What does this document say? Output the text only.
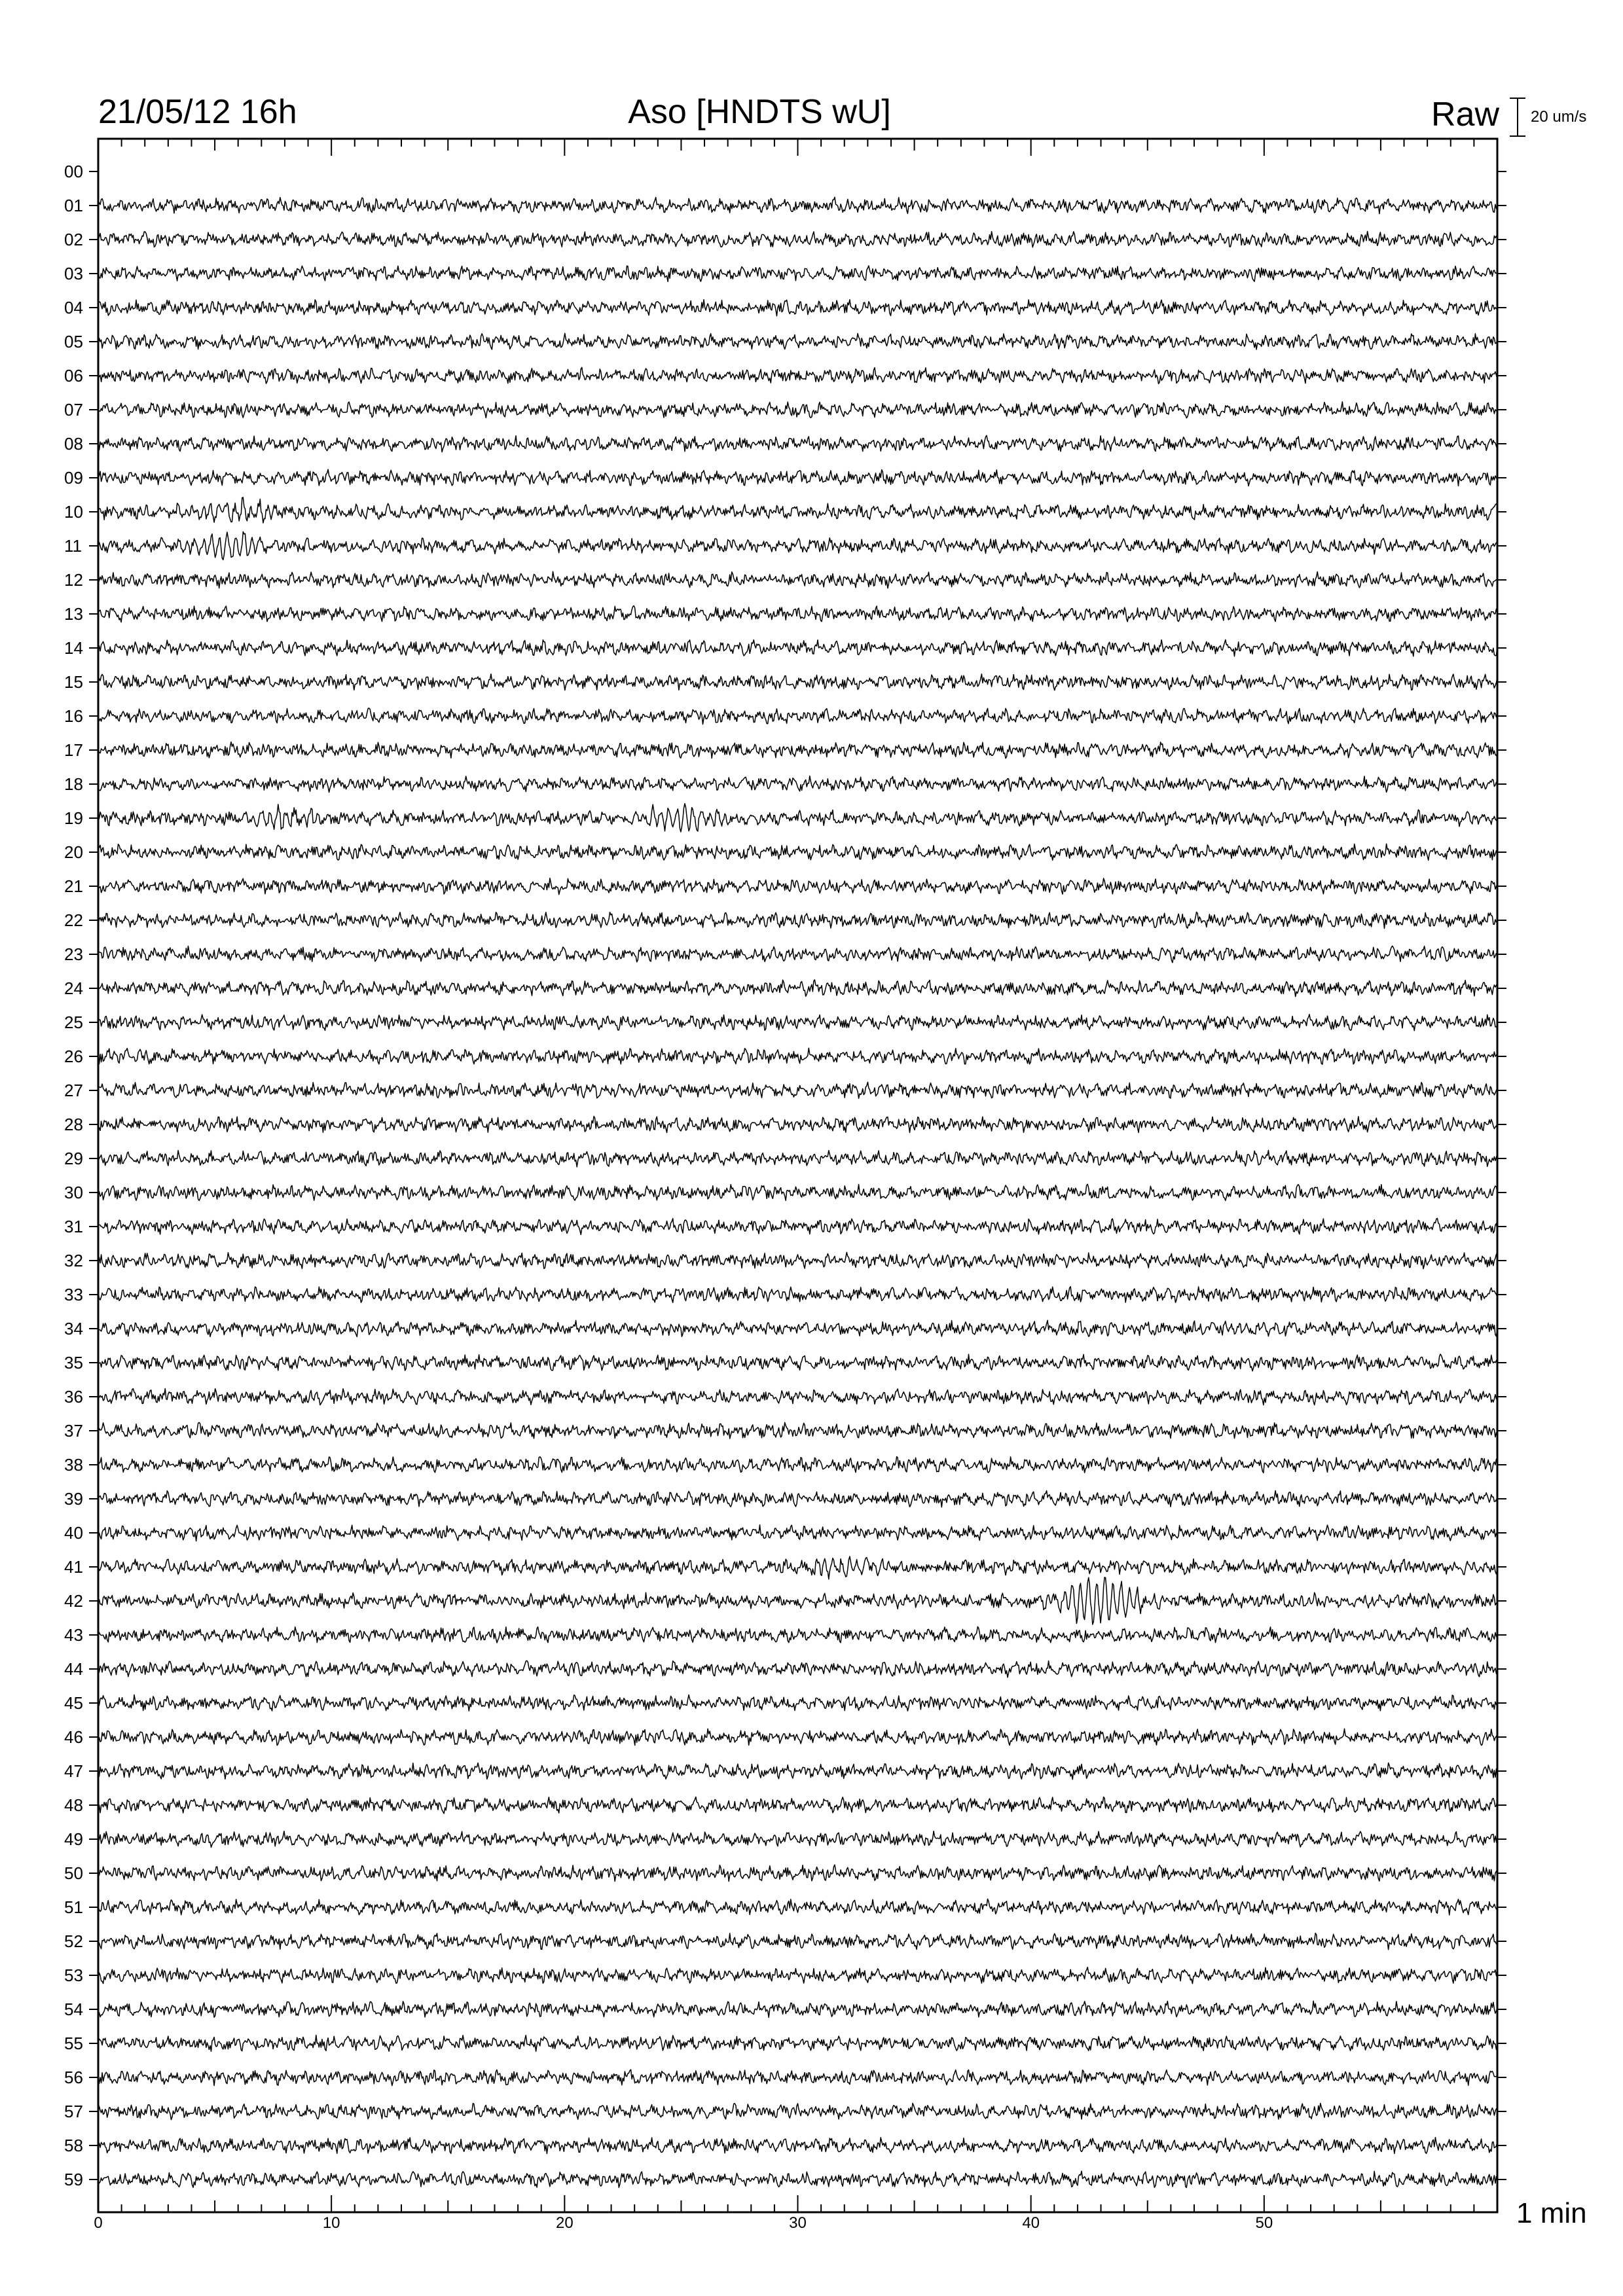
21/05/12 16h	Aso [HNDTS wU]	Raw 20 um/s
00
01
02
03
04
05
06
07
08
09
10
11
12
13
14
15
16
17
18
19
20
21
22
23
24
25
26
27
28
29
30
31
32
33
34
35
36
37
38
39
40
41
42
43
44
45
46
47
48
49
50
51
52
53
54
55
56
57
58
59
0	10	20	30	40	50	1 min
